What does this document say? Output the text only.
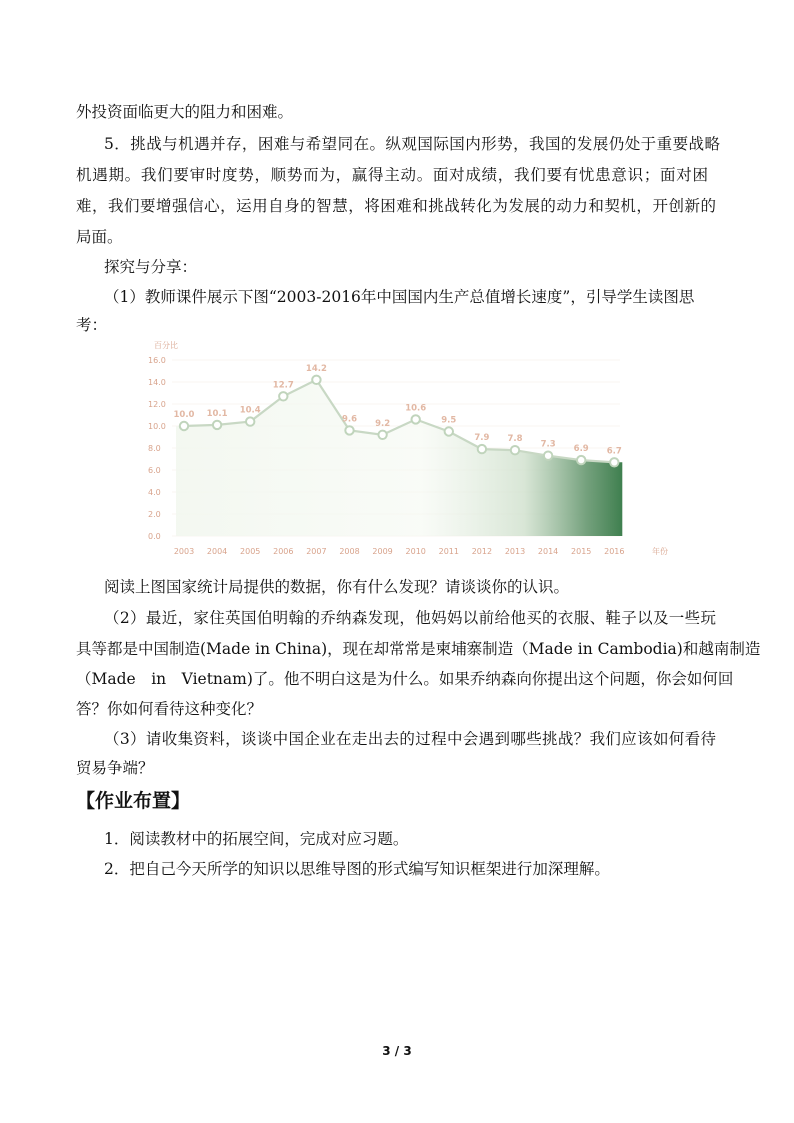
外投资面临更大的阻力和困难。
5．挑战与机遇并存，困难与希望同在。纵观国际国内形势，我国的发展仍处于重要战略
机遇期。我们要审时度势，顺势而为，赢得主动。面对成绩，我们要有忧患意识；面对困
难，我们要增强信心，运用自身的智慧，将困难和挑战转化为发展的动力和契机，开创新的
局面。
探究与分享：
（1）教师课件展示下图“2003-2016年中国国内生产总值增长速度”，引导学生读图思
考：
百分比
年份
0.0
2.0
4.0
6.0
8.0
10.0
12.0
14.0
16.0
2003 2004 2005 2006 2007 2008 2009 2010 2011 2012 2013 2014 2015 2016
10.0 10.1 10.4
12.7
14.2
9.6 9.2
10.6
9.5
7.9 7.8
7.3 6.9 6.7
阅读上图国家统计局提供的数据，你有什么发现？请谈谈你的认识。
（2）最近，家住英国伯明翰的乔纳森发现，他妈妈以前给他买的衣服、鞋子以及一些玩
具等都是中国制造(Made in China)，现在却常常是柬埔寨制造（Made in Cambodia)和越南制造
（Made　in　Vietnam)了。他不明白这是为什么。如果乔纳森向你提出这个问题，你会如何回
答？你如何看待这种变化？
（3）请收集资料，谈谈中国企业在走出去的过程中会遇到哪些挑战？我们应该如何看待
贸易争端？
【作业布置】
1．阅读教材中的拓展空间，完成对应习题。
2．把自己今天所学的知识以思维导图的形式编写知识框架进行加深理解。
3 / 3
